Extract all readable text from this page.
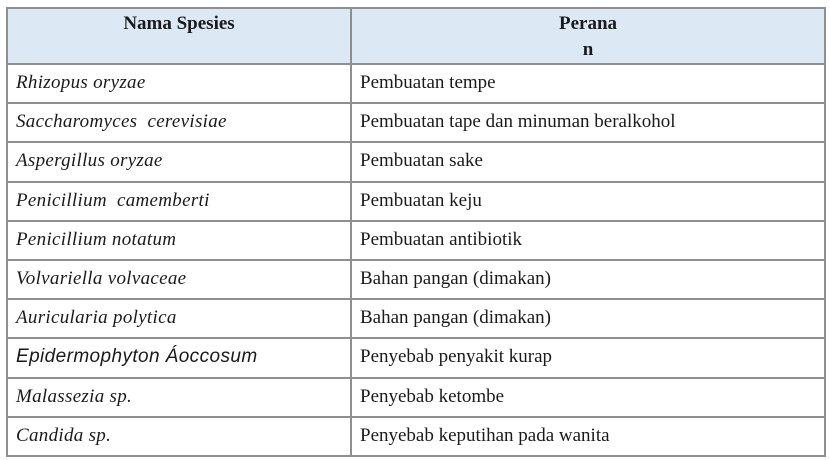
Nama Spesies	Peranan

Rhizopus oryzae	Pembuatan tempe
Saccharomyces  cerevisiae	Pembuatan tape dan minuman beralkohol
Aspergillus oryzae	Pembuatan sake
Penicillium  camemberti	Pembuatan keju
Penicillium notatum	Pembuatan antibiotik
Volvariella volvaceae	Bahan pangan (dimakan)
Auricularia polytica	Bahan pangan (dimakan)
Epidermophyton Áoccosum	Penyebab penyakit kurap
Malassezia sp.	Penyebab ketombe
Candida sp.	Penyebab keputihan pada wanita
